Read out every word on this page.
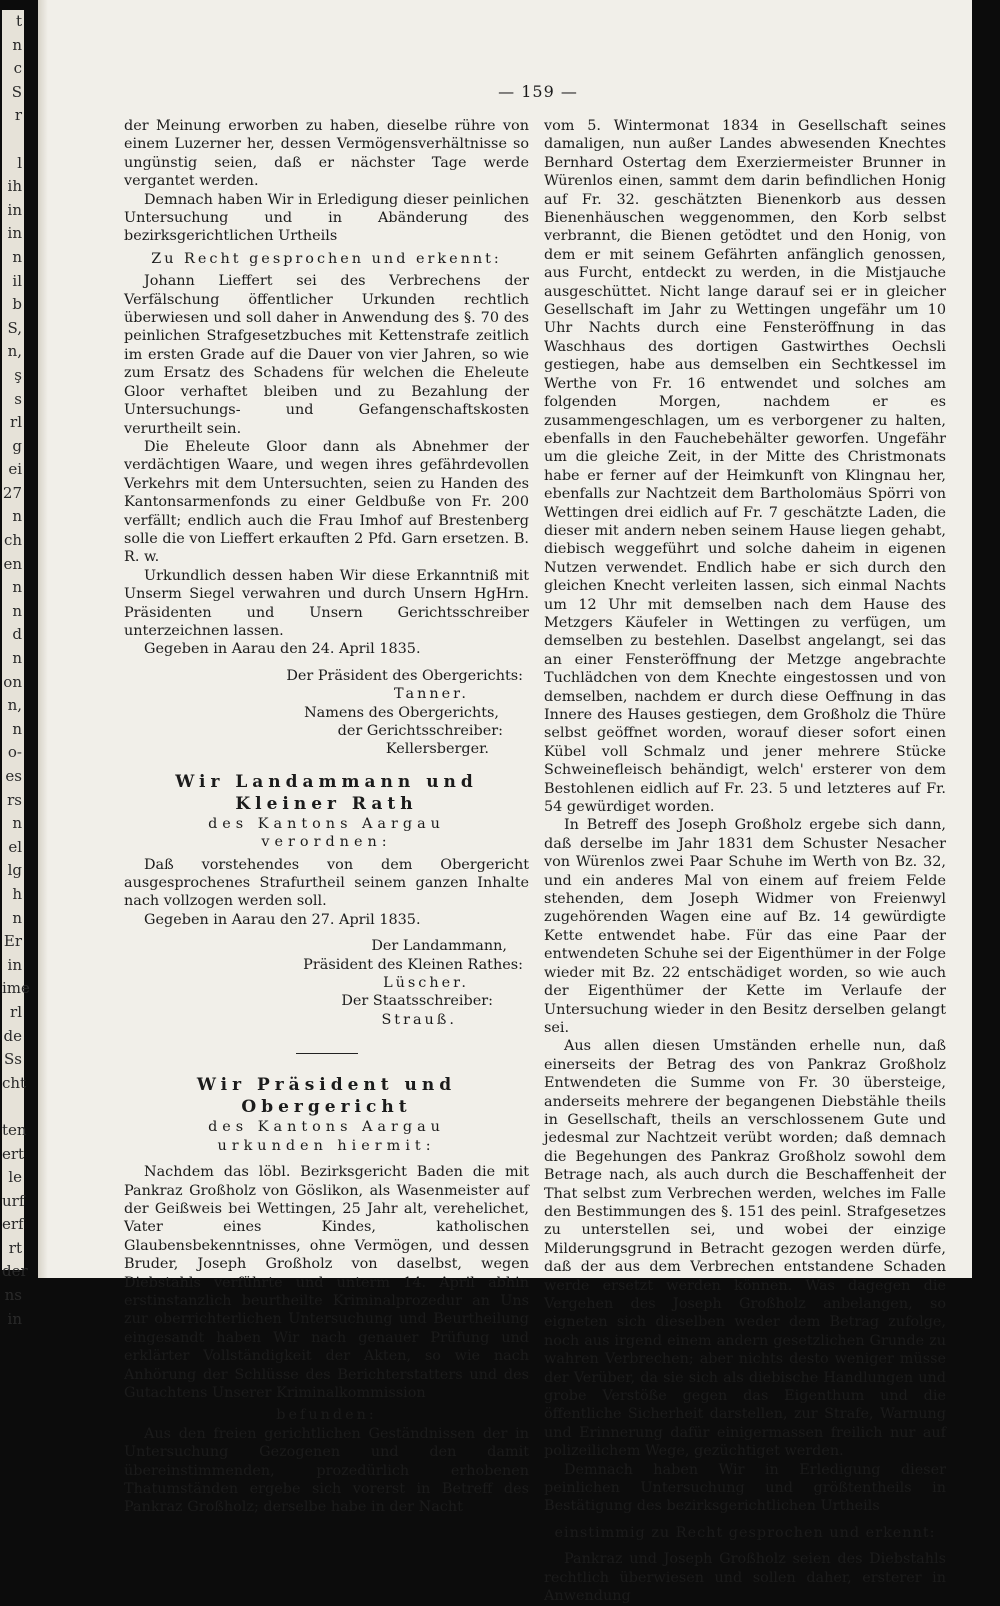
t
n
c
S
r

l
ih
in
in
n
il
b
S,
n,
ş
s
rl
g
ei
27
n
ch
en
n
n
d
n
on
n,
n
o-
es
rs
n
el
lg
h
n
Er
in
ime
rl
de
Ss
cht

ten
ert
le
urf
erf
rt
der
ns
in
— 159 —

der Meinung erworben zu haben, dieselbe rühre von einem Luzerner her, dessen Vermögensverhältnisse so ungünstig seien, daß er nächster Tage werde vergantet werden.

Demnach haben Wir in Erledigung dieser peinlichen Untersuchung und in Abänderung des bezirksgerichtlichen Urtheils

Zu Recht gesprochen und erkennt:

Johann Lieffert sei des Verbrechens der Verfälschung öffentlicher Urkunden rechtlich überwiesen und soll daher in Anwendung des §. 70 des peinlichen Strafgesetzbuches mit Kettenstrafe zeitlich im ersten Grade auf die Dauer von vier Jahren, so wie zum Ersatz des Schadens für welchen die Eheleute Gloor verhaftet bleiben und zu Bezahlung der Untersuchungs- und Gefangenschaftskosten verurtheilt sein.

Die Eheleute Gloor dann als Abnehmer der verdächtigen Waare, und wegen ihres gefährdevollen Verkehrs mit dem Untersuchten, seien zu Handen des Kantonsarmenfonds zu einer Geldbuße von Fr. 200 verfällt; endlich auch die Frau Imhof auf Brestenberg solle die von Lieffert erkauften 2 Pfd. Garn ersetzen. B. R. w.

Urkundlich dessen haben Wir diese Erkanntniß mit Unserm Siegel verwahren und durch Unsern HgHrn. Präsidenten und Unsern Gerichtsschreiber unterzeichnen lassen.

Gegeben in Aarau den 24. April 1835.

Der Präsident des Obergerichts:

Tanner.

Namens des Obergerichts,

der Gerichtsschreiber:

Kellersberger.

Wir Landammann und Kleiner Rath

des Kantons Aargau

verordnen:

Daß vorstehendes von dem Obergericht ausgesprochenes Strafurtheil seinem ganzen Inhalte nach vollzogen werden soll.

Gegeben in Aarau den 27. April 1835.

Der Landammann,

Präsident des Kleinen Rathes:

Lüscher.

Der Staatsschreiber:

Strauß.

Wir Präsident und Obergericht

des Kantons Aargau

urkunden hiermit:

Nachdem das löbl. Bezirksgericht Baden die mit Pankraz Großholz von Göslikon, als Wasenmeister auf der Geißweis bei Wettingen, 25 Jahr alt, verehelichet, Vater eines Kindes, katholischen Glaubensbekenntnisses, ohne Vermögen, und dessen Bruder, Joseph Großholz von daselbst, wegen Diebstahls verführte und unterm 14. April abhin erstinstanzlich beurtheilte Kriminalprozedur an Uns zur oberrichterlichen Untersuchung und Beurtheilung eingesandt haben Wir nach genauer Prüfung und erklärter Vollständigkeit der Akten, so wie nach Anhörung der Schlüsse des Berichterstatters und des Gutachtens Unserer Kriminalkommission

befunden:

Aus den freien gerichtlichen Geständnissen der in Untersuchung Gezogenen und den damit übereinstimmenden, prozedürlich erhobenen Thatumständen ergebe sich vorerst in Betreff des Pankraz Großholz; derselbe habe in der Nacht

vom 5. Wintermonat 1834 in Gesellschaft seines damaligen, nun außer Landes abwesenden Knechtes Bernhard Ostertag dem Exerziermeister Brunner in Würenlos einen, sammt dem darin befindlichen Honig auf Fr. 32. geschätzten Bienenkorb aus dessen Bienenhäuschen weggenommen, den Korb selbst verbrannt, die Bienen getödtet und den Honig, von dem er mit seinem Gefährten anfänglich genossen, aus Furcht, entdeckt zu werden, in die Mistjauche ausgeschüttet. Nicht lange darauf sei er in gleicher Gesellschaft im Jahr zu Wettingen ungefähr um 10 Uhr Nachts durch eine Fensteröffnung in das Waschhaus des dortigen Gastwirthes Oechsli gestiegen, habe aus demselben ein Sechtkessel im Werthe von Fr. 16 entwendet und solches am folgenden Morgen, nachdem er es zusammengeschlagen, um es verborgener zu halten, ebenfalls in den Fauchebehälter geworfen. Ungefähr um die gleiche Zeit, in der Mitte des Christmonats habe er ferner auf der Heimkunft von Klingnau her, ebenfalls zur Nachtzeit dem Bartholomäus Spörri von Wettingen drei eidlich auf Fr. 7 geschätzte Laden, die dieser mit andern neben seinem Hause liegen gehabt, diebisch weggeführt und solche daheim in eigenen Nutzen verwendet. Endlich habe er sich durch den gleichen Knecht verleiten lassen, sich einmal Nachts um 12 Uhr mit demselben nach dem Hause des Metzgers Käufeler in Wettingen zu verfügen, um demselben zu bestehlen. Daselbst angelangt, sei das an einer Fensteröffnung der Metzge angebrachte Tuchlädchen von dem Knechte eingestossen und von demselben, nachdem er durch diese Oeffnung in das Innere des Hauses gestiegen, dem Großholz die Thüre selbst geöffnet worden, worauf dieser sofort einen Kübel voll Schmalz und jener mehrere Stücke Schweinefleisch behändigt, welch' ersterer von dem Bestohlenen eidlich auf Fr. 23. 5 und letzteres auf Fr. 54 gewürdiget worden.

In Betreff des Joseph Großholz ergebe sich dann, daß derselbe im Jahr 1831 dem Schuster Nesacher von Würenlos zwei Paar Schuhe im Werth von Bz. 32, und ein anderes Mal von einem auf freiem Felde stehenden, dem Joseph Widmer von Freienwyl zugehörenden Wagen eine auf Bz. 14 gewürdigte Kette entwendet habe. Für das eine Paar der entwendeten Schuhe sei der Eigenthümer in der Folge wieder mit Bz. 22 entschädiget worden, so wie auch der Eigenthümer der Kette im Verlaufe der Untersuchung wieder in den Besitz derselben gelangt sei.

Aus allen diesen Umständen erhelle nun, daß einerseits der Betrag des von Pankraz Großholz Entwendeten die Summe von Fr. 30 übersteige, anderseits mehrere der begangenen Diebstähle theils in Gesellschaft, theils an verschlossenem Gute und jedesmal zur Nachtzeit verübt worden; daß demnach die Begehungen des Pankraz Großholz sowohl dem Betrage nach, als auch durch die Beschaffenheit der That selbst zum Verbrechen werden, welches im Falle den Bestimmungen des §. 151 des peinl. Strafgesetzes zu unterstellen sei, und wobei der einzige Milderungsgrund in Betracht gezogen werden dürfe, daß der aus dem Verbrechen entstandene Schaden werde ersetzt werden können. Was dagegen die Vergehen des Joseph Großholz anbelangen, so eigneten sich dieselben weder dem Betrag zufolge, noch aus irgend einem andern gesetzlichen Grunde zu wahren Verbrechen; aber nichts desto weniger müsse der Verüber, da sie sich als diebische Handlungen und grobe Verstöße gegen das Eigenthum und die öffentliche Sicherheit darstellen, zur Strafe, Warnung und Erinnerung dafür einigermassen freilich nur auf polizeilichem Wege, gezüchtiget werden.

Demnach haben Wir in Erledigung dieser peinlichen Untersuchung und größtentheils in Bestätigung des bezirksgerichtlichen Urtheils

einstimmig zu Recht gesprochen und erkennt:

Pankraz und Joseph Großholz seien des Diebstahls rechtlich überwiesen und sollen daher, ersterer in Anwendung
